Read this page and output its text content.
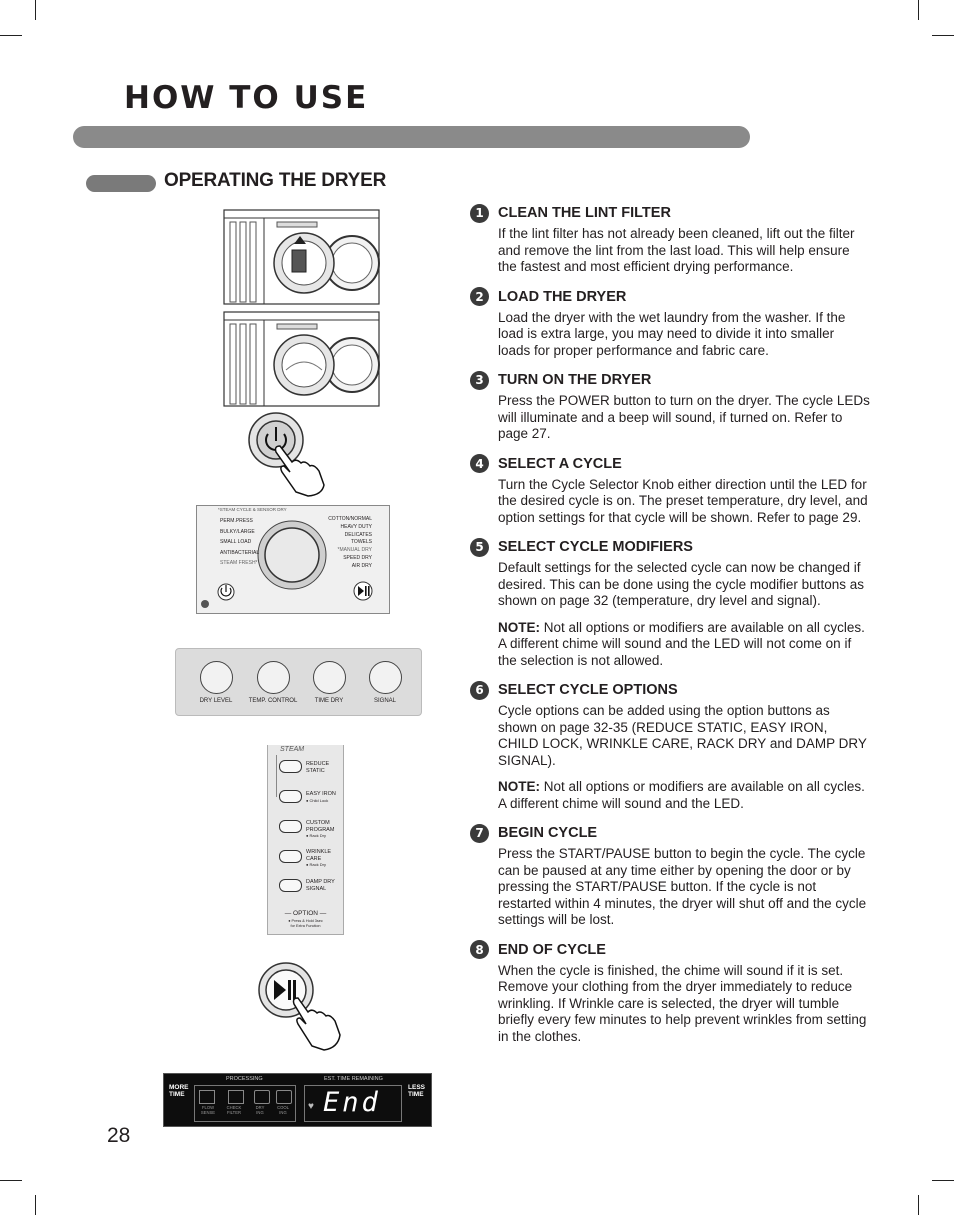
HOW TO USE
OPERATING THE DRYER
*STEAM CYCLE & SENSOR DRY
PERM.PRESS
BULKY/LARGE
SMALL LOAD
ANTIBACTERIAL
STEAM FRESH*
COTTON/NORMAL
HEAVY DUTY
DELICATES
TOWELS
*MANUAL DRY
SPEED DRY
AIR DRY
DRY LEVEL	TEMP. CONTROL	TIME DRY	SIGNAL
STEAM
REDUCE
STATIC
EASY IRON
● Child Lock
CUSTOM
PROGRAM
● Rack Dry
WRINKLE
CARE
● Rack Dry
DAMP DRY
SIGNAL
— OPTION —
● Press & Hold 3sec
for Extra Function
MORE
TIME
LESS
TIME
PROCESSING	EST. TIME REMAINING
FLOW
SENSE
CHECK
FILTER
DRY
ING
COOL
ING
♥ End
1 CLEAN THE LINT FILTER
If the lint filter has not already been cleaned, lift out the filter and remove the lint from the last load. This will help ensure the fastest and most efficient drying performance.
2 LOAD THE DRYER
Load the dryer with the wet laundry from the washer. If the load is extra large, you may need to divide it into smaller loads for proper performance and fabric care.
3 TURN ON THE DRYER
Press the POWER button to turn on the dryer. The cycle LEDs will illuminate and a beep will sound, if turned on. Refer to page 27.
4 SELECT A CYCLE
Turn the Cycle Selector Knob either direction until the LED for the desired cycle is on. The preset temperature, dry level, and option settings for that cycle will be shown. Refer to page 29.
5 SELECT CYCLE MODIFIERS
Default settings for the selected cycle can now be changed if desired. This can be done using the cycle modifier buttons as shown on page 32 (temperature, dry level and signal).
NOTE: Not all options or modifiers are available on all cycles. A different chime will sound and the LED will not come on if the selection is not allowed.
6 SELECT CYCLE OPTIONS
Cycle options can be added using the option buttons as shown on page 32-35 (REDUCE STATIC, EASY IRON, CHILD LOCK, WRINKLE CARE, RACK DRY and DAMP DRY SIGNAL).
NOTE: Not all options or modifiers are available on all cycles. A different chime will sound and the LED.
7 BEGIN CYCLE
Press the START/PAUSE button to begin the cycle. The cycle can be paused at any time either by opening the door or by pressing the START/PAUSE button. If the cycle is not restarted within 4 minutes, the dryer will shut off and the cycle settings will be lost.
8 END OF CYCLE
When the cycle is finished, the chime will sound if it is set. Remove your clothing from the dryer immediately to reduce wrinkling. If Wrinkle care is selected, the dryer will tumble briefly every few minutes to help prevent wrinkles from setting in the clothes.
28
